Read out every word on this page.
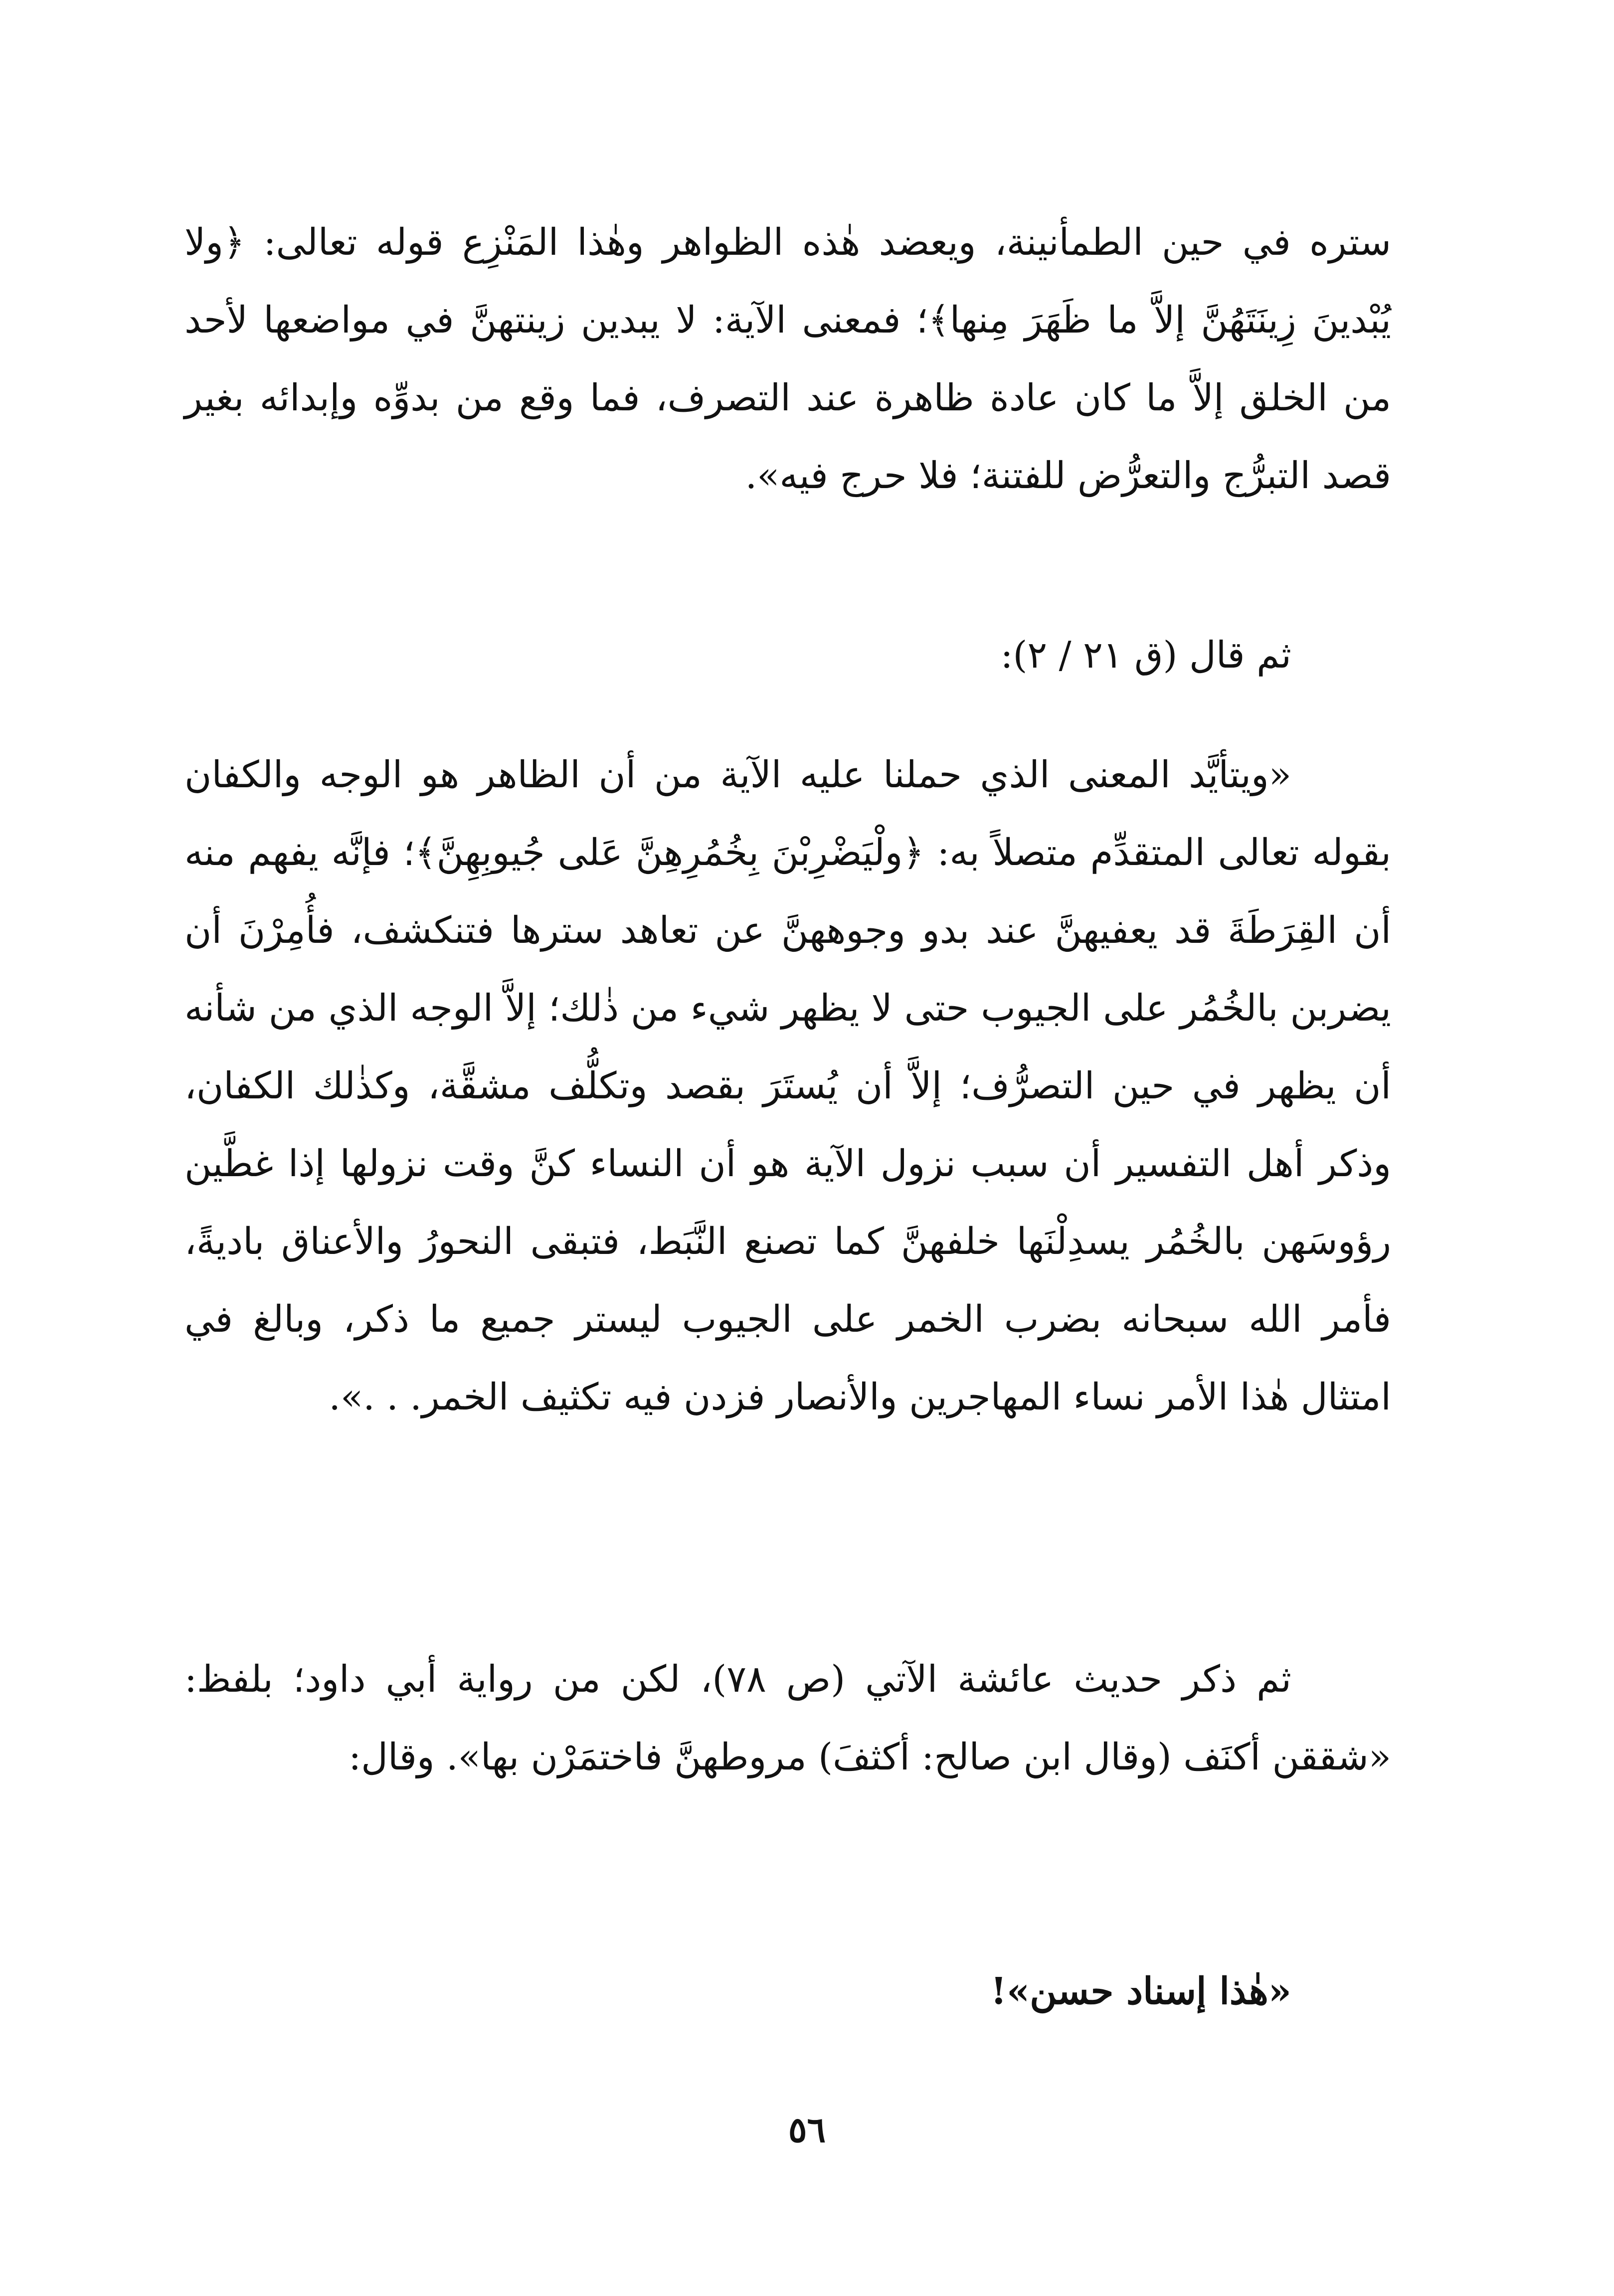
ستره في حين الطمأنينة، ويعضد هٰذه الظواهر وهٰذا المَنْزِع قوله تعالى: ﴿ولا يُبْدينَ زِينَتَهُنَّ إلاَّ ما ظَهَرَ مِنها﴾؛ فمعنى الآية: لا يبدين زينتهنَّ في مواضعها لأحد من الخلق إلاَّ ما كان عادة ظاهرة عند التصرف، فما وقع من بدوِّه وإبدائه بغير قصد التبرُّج والتعرُّض للفتنة؛ فلا حرج فيه».

ثم قال (ق ٢١ / ٢):

«ويتأيَّد المعنى الذي حملنا عليه الآية من أن الظاهر هو الوجه والكفان بقوله تعالى المتقدِّم متصلاً به: ﴿ولْيَضْرِبْنَ بِخُمُرِهِنَّ عَلى جُيوبِهِنَّ﴾؛ فإنَّه يفهم منه أن القِرَطَةَ قد يعفيهنَّ عند بدو وجوههنَّ عن تعاهد سترها فتنكشف، فأُمِرْنَ أن يضربن بالخُمُر على الجيوب حتى لا يظهر شيء من ذٰلك؛ إلاَّ الوجه الذي من شأنه أن يظهر في حين التصرُّف؛ إلاَّ أن يُستَرَ بقصد وتكلُّف مشقَّة، وكذٰلك الكفان، وذكر أهل التفسير أن سبب نزول الآية هو أن النساء كنَّ وقت نزولها إذا غطَّين رؤوسَهن بالخُمُر يسدِلْنَها خلفهنَّ كما تصنع النَّبَط، فتبقى النحورُ والأعناق باديةً، فأمر الله سبحانه بضرب الخمر على الجيوب ليستر جميع ما ذكر، وبالغ في امتثال هٰذا الأمر نساء المهاجرين والأنصار فزدن فيه تكثيف الخمر. . .».

ثم ذكر حديث عائشة الآتي (ص ٧٨)، لكن من رواية أبي داود؛ بلفظ: «شققن أكنَف (وقال ابن صالح: أكثفَ) مروطهنَّ فاختمَرْن بها». وقال:

«هٰذا إسناد حسن»!

٥٦
